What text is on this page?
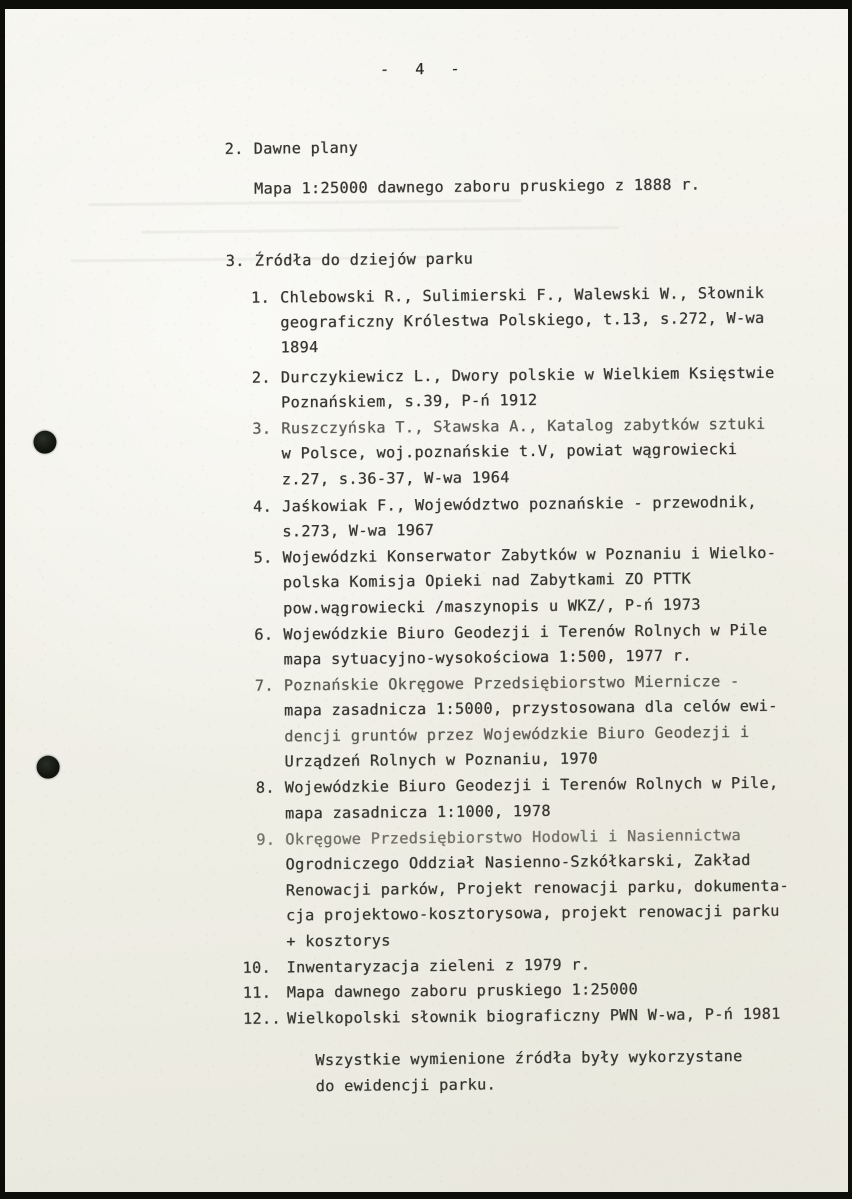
-  4  -
2. Dawne plany
Mapa 1:25000 dawnego zaboru pruskiego z 1888 r.
3. Źródła do dziejów parku
1. Chlebowski R., Sulimierski F., Walewski W., Słownik
geograficzny Królestwa Polskiego, t.13, s.272, W-wa
1894
2. Durczykiewicz L., Dwory polskie w Wielkiem Księstwie
Poznańskiem, s.39, P-ń 1912
3. Ruszczyńska T., Sławska A., Katalog zabytków sztuki
w Polsce, woj.poznańskie t.V, powiat wągrowiecki
z.27, s.36-37, W-wa 1964
4. Jaśkowiak F., Województwo poznańskie - przewodnik,
s.273, W-wa 1967
5. Wojewódzki Konserwator Zabytków w Poznaniu i Wielko-
polska Komisja Opieki nad Zabytkami ZO PTTK
pow.wągrowiecki /maszynopis u WKZ/, P-ń 1973
6. Wojewódzkie Biuro Geodezji i Terenów Rolnych w Pile
mapa sytuacyjno-wysokościowa 1:500, 1977 r.
7. Poznańskie Okręgowe Przedsiębiorstwo Miernicze -
mapa zasadnicza 1:5000, przystosowana dla celów ewi-
dencji gruntów przez Wojewódzkie Biuro Geodezji i
Urządzeń Rolnych w Poznaniu, 1970
8. Wojewódzkie Biuro Geodezji i Terenów Rolnych w Pile,
mapa zasadnicza 1:1000, 1978
9. Okręgowe Przedsiębiorstwo Hodowli i Nasiennictwa
Ogrodniczego Oddział Nasienno-Szkółkarski, Zakład
Renowacji parków, Projekt renowacji parku, dokumenta-
cja projektowo-kosztorysowa, projekt renowacji parku
+ kosztorys
10. Inwentaryzacja zieleni z 1979 r.
11. Mapa dawnego zaboru pruskiego 1:25000
12.. Wielkopolski słownik biograficzny PWN W-wa, P-ń 1981
Wszystkie wymienione źródła były wykorzystane
do ewidencji parku.
